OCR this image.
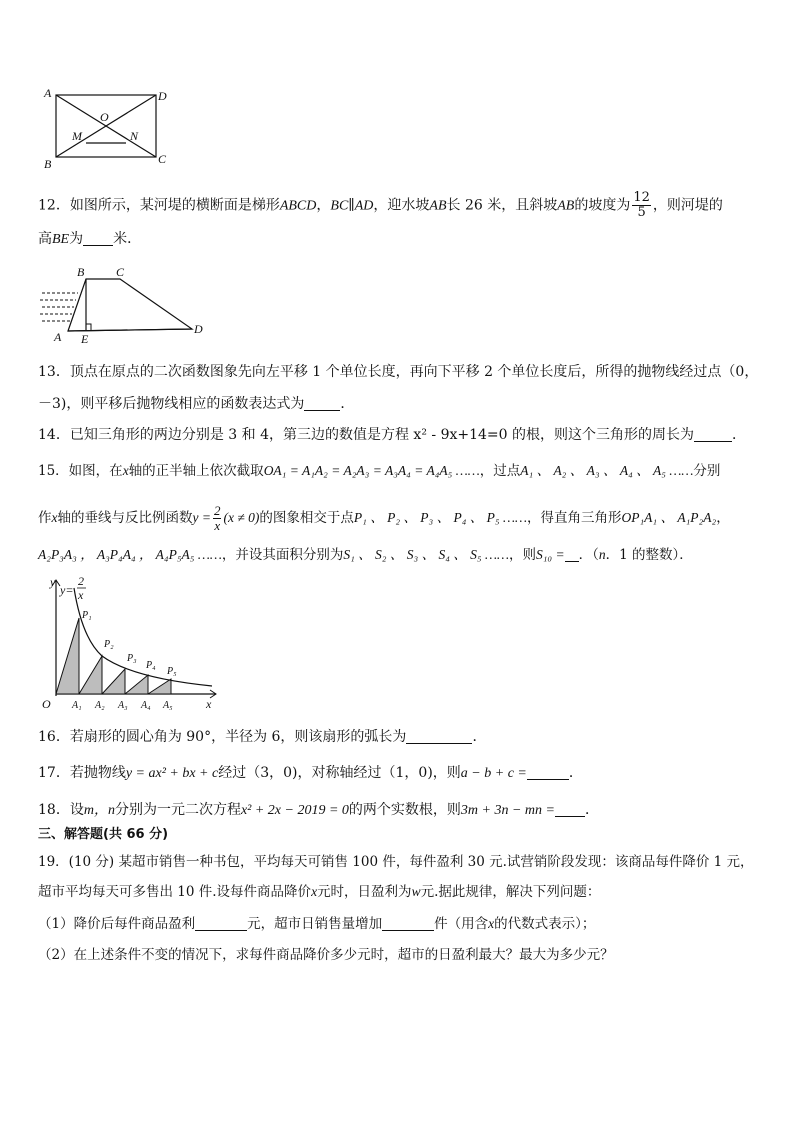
A	D
O
M	N
B	C
12．如图所示，某河堤的横断面是梯形ABCD，BC∥AD，迎水坡AB长 26 米，且斜坡AB的坡度为 $\frac{12}{5}$ ，则河堤的
高BE为 米．
B	C
A E
D
13．顶点在原点的二次函数图象先向左平移 1 个单位长度，再向下平移 2 个单位长度后，所得的抛物线经过点（0，
－3)，则平移后抛物线相应的函数表达式为	．
14．已知三角形的两边分别是 3 和 4，第三边的数值是方程 x² - 9x+14=0 的根，则这个三角形的周长为	．
15．如图，在x轴的正半轴上依次截取OA₁ = A₁A₂ = A₂A₃ = A₃A₄ = A₄A₅ ……，过点A₁ 、 A₂ 、 A₃ 、 A₄ 、 A₅ ……分别
作x轴的垂线与反比例函数$y = \frac{2}{x} (x \ne 0)$的图象相交于点P₁ 、 P₂ 、 P₃ 、 P₄ 、 P₅ ……，得直角三角形OP₁A₁ 、 A₁P₂A₂，
A₂P₃A₃ ， A₃P₄A₄ ， A₄P₅A₅ ……，并设其面积分别为S₁ 、 S₂ 、 S₃ 、 S₄ 、 S₅ ……，则S₁₀ = ．（n．1 的整数）．
y
y=
2
x
P₁
P₂
P₃
P₄
P₅
O A₁ A₂ A₃ A₄ A₅	x
16．若扇形的圆心角为 90°，半径为 6，则该扇形的弧长为	．
17．若抛物线y = ax² + bx + c经过（3，0)，对称轴经过（1，0)，则a − b + c =	．
18．设m，n分别为一元二次方程x² + 2x − 2019 = 0的两个实数根，则3m + 3n − mn = ．
三、解答题(共 66 分)
19．(10 分) 某超市销售一种书包，平均每天可销售 100 件，每件盈利 30 元.试营销阶段发现：该商品每件降价 1 元，
超市平均每天可多售出 10 件.设每件商品降价x元时，日盈利为w元.据此规律，解决下列问题：
（1）降价后每件商品盈利	元，超市日销售量增加	件（用含x的代数式表示）；
（2）在上述条件不变的情况下，求每件商品降价多少元时，超市的日盈利最大？最大为多少元？
